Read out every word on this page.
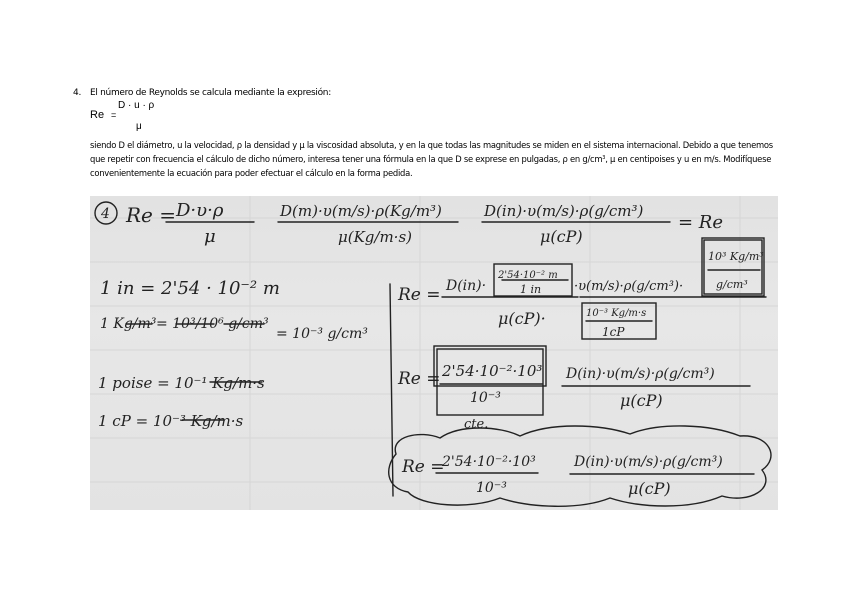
4. El número de Reynolds se calcula mediante la expresión:
Re =
D · u · ρ
μ
siendo D el diámetro, u la velocidad, ρ la densidad y μ la viscosidad absoluta, y en la que todas las magnitudes se miden en el sistema internacional. Debido a que tenemos que repetir con frecuencia el cálculo de dicho número, interesa tener una fórmula en la que D se exprese en pulgadas, ρ en $g/cm^3$, μ en centipoises y u en m/s. Modifíquese convenientemente la ecuación para poder efectuar el cálculo en la forma pedida.
4 Re = D·υ·ρ
μ
D(m)·υ(m/s)·ρ(Kg/m³)
μ(Kg/m·s)
D(in)·υ(m/s)·ρ(g/cm³)
μ(cP)
= Re
1 in = 2'54 · 10⁻² m
1 Kg/m³ = 10³/10⁶ g/cm³
= 10⁻³ g/cm³
1 poise = 10⁻¹ Kg/m·s
1 cP = 10⁻³ Kg/m·s
Re = D(in)·
2'54·10⁻² m
1 in	·υ(m/s)·ρ(g/cm³)·
10³ Kg/m³
g/cm³
μ(cP)·	10⁻³ Kg/m·s
1cP
Re = 2'54·10⁻²·10³
10⁻³
D(in)·υ(m/s)·ρ(g/cm³)
μ(cP)
cte.
Re =
2'54·10⁻²·10³
10⁻³
D(in)·υ(m/s)·ρ(g/cm³)
μ(cP)
